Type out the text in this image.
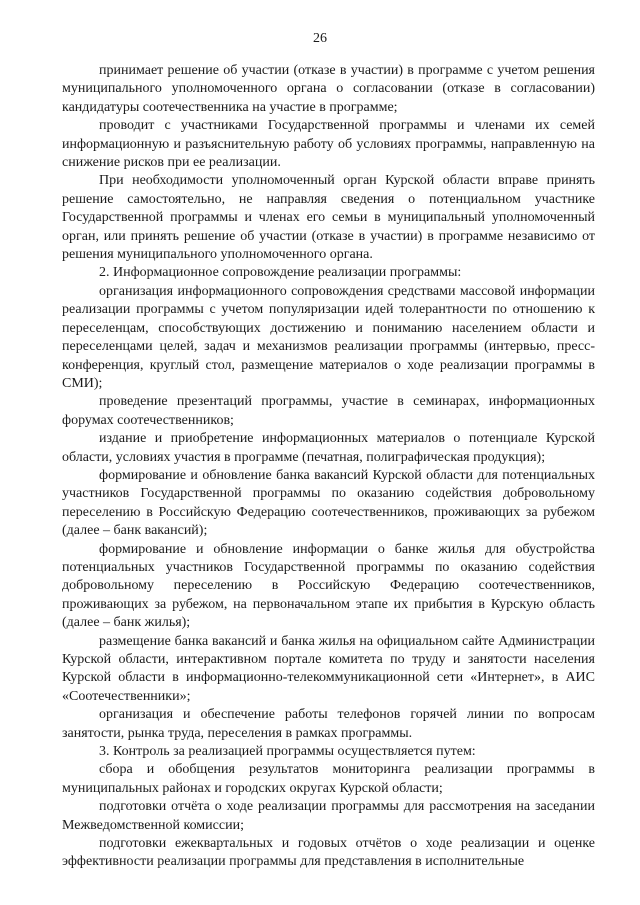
26

принимает решение об участии (отказе в участии) в программе с учетом решения муниципального уполномоченного органа о согласовании (отказе в согласовании) кандидатуры соотечественника на участие в программе;

проводит с участниками Государственной программы и членами их семей информационную и разъяснительную работу об условиях программы, направленную на снижение рисков при ее реализации.

При необходимости уполномоченный орган Курской области вправе принять решение самостоятельно, не направляя сведения о потенциальном участнике Государственной программы и членах его семьи в муниципальный уполномоченный орган, или принять решение об участии (отказе в участии) в программе независимо от решения муниципального уполномоченного органа.

2. Информационное сопровождение реализации программы:

организация информационного сопровождения средствами массовой информации реализации программы с учетом популяризации идей толерантности по отношению к переселенцам, способствующих достижению и пониманию населением области и переселенцами целей, задач и механизмов реализации программы (интервью, пресс-конференция, круглый стол, размещение материалов о ходе реализации программы в СМИ);

проведение презентаций программы, участие в семинарах, информационных форумах соотечественников;

издание и приобретение информационных материалов о потенциале Курской области, условиях участия в программе (печатная, полиграфическая продукция);

формирование и обновление банка вакансий Курской области для потенциальных участников Государственной программы по оказанию содействия добровольному переселению в Российскую Федерацию соотечественников, проживающих за рубежом (далее – банк вакансий);

формирование и обновление информации о банке жилья для обустройства потенциальных участников Государственной программы по оказанию содействия добровольному переселению в Российскую Федерацию соотечественников, проживающих за рубежом, на первоначальном этапе их прибытия в Курскую область (далее – банк жилья);

размещение банка вакансий и банка жилья на официальном сайте Администрации Курской области, интерактивном портале комитета по труду и занятости населения Курской области в информационно-телекоммуникационной сети «Интернет», в АИС «Соотечественники»;

организация и обеспечение работы телефонов горячей линии по вопросам занятости, рынка труда, переселения в рамках программы.

3. Контроль за реализацией программы осуществляется путем:

сбора и обобщения результатов мониторинга реализации программы в муниципальных районах и городских округах Курской области;

подготовки отчёта о ходе реализации программы для рассмотрения на заседании Межведомственной комиссии;

подготовки ежеквартальных и годовых отчётов о ходе реализации и оценке эффективности реализации программы для представления в исполнительные
